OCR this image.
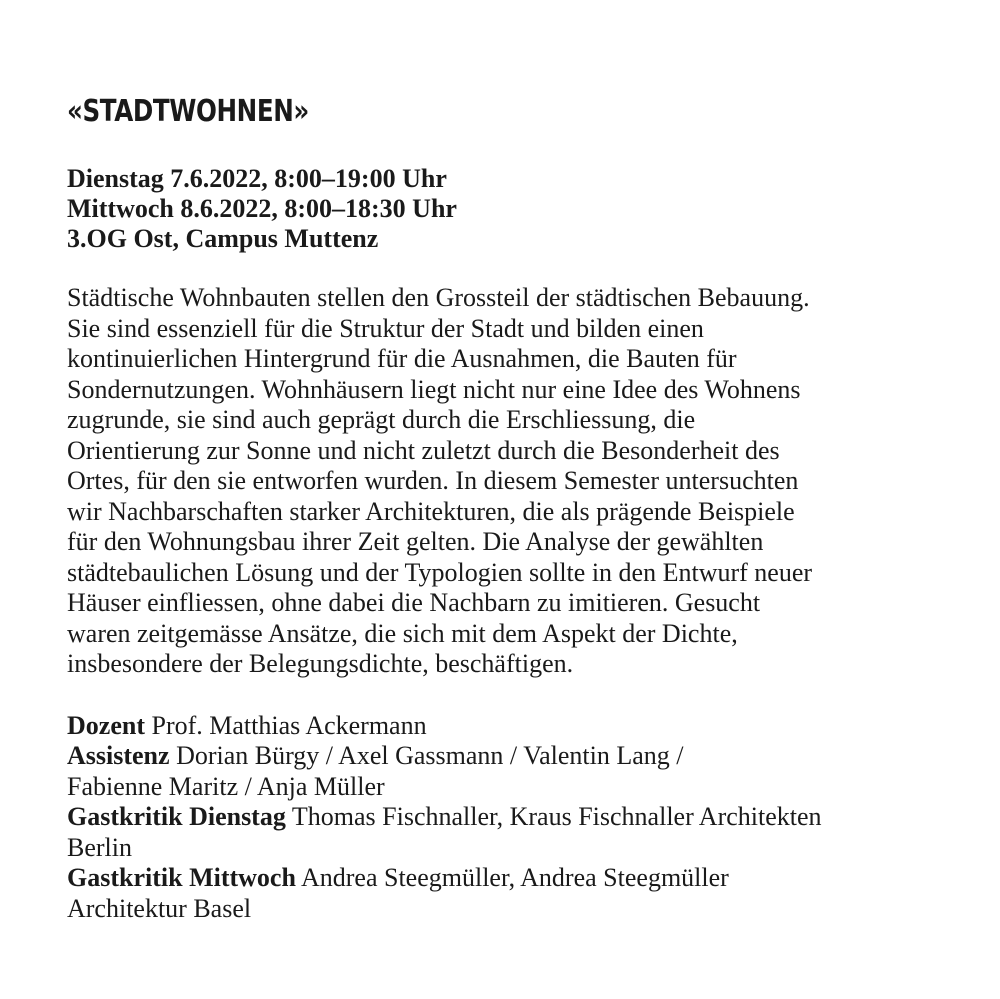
«STADTWOHNEN»
Dienstag 7.6.2022, 8:00–19:00 Uhr
Mittwoch 8.6.2022, 8:00–18:30 Uhr
3.OG Ost, Campus Muttenz
Städtische Wohnbauten stellen den Grossteil der städtischen Bebauung.
Sie sind essenziell für die Struktur der Stadt und bilden einen
kontinuierlichen Hintergrund für die Ausnahmen, die Bauten für
Sondernutzungen. Wohnhäusern liegt nicht nur eine Idee des Wohnens
zugrunde, sie sind auch geprägt durch die Erschliessung, die
Orientierung zur Sonne und nicht zuletzt durch die Besonderheit des
Ortes, für den sie entworfen wurden. In diesem Semester untersuchten
wir Nachbarschaften starker Architekturen, die als prägende Beispiele
für den Wohnungsbau ihrer Zeit gelten. Die Analyse der gewählten
städtebaulichen Lösung und der Typologien sollte in den Entwurf neuer
Häuser einfliessen, ohne dabei die Nachbarn zu imitieren. Gesucht
waren zeitgemässe Ansätze, die sich mit dem Aspekt der Dichte,
insbesondere der Belegungsdichte, beschäftigen.
Dozent Prof. Matthias Ackermann
Assistenz Dorian Bürgy / Axel Gassmann / Valentin Lang /
Fabienne Maritz / Anja Müller
Gastkritik Dienstag Thomas Fischnaller, Kraus Fischnaller Architekten
Berlin
Gastkritik Mittwoch Andrea Steegmüller, Andrea Steegmüller
Architektur Basel
